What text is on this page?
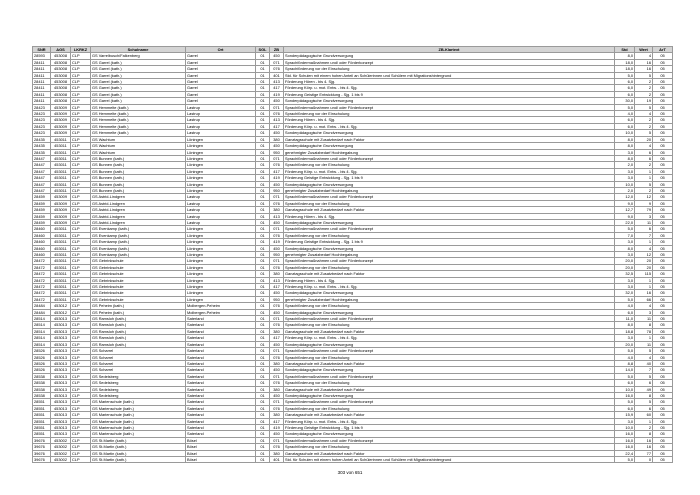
SNR	AGS	LKRKZ	Schulname	Ort	SGL	ZB	ZB-Klartext	Std	Wert	ArT
28593	453008	CLP	GS Varrelbusch/Falkenberg	Garrel	01	450	Sonderpädagogische Grundversorgung	8,0	4	05
28411	453008	CLP	GS Garrel (kath.)	Garrel	01	071	Sprachfördermaßnahmen und/ oder Förderkonzept	18,0	16	05
28411	453008	CLP	GS Garrel (kath.)	Garrel	01	076	Sprachförderung vor der Einschulung	18,0	16	05
28411	453008	CLP	GS Garrel (kath.)	Garrel	01	401	Std. für Schulen mit einem hohen Anteil an Schülerinnen und Schülern mit Migrationshintergrund	5,0	5	05
28411	453008	CLP	GS Garrel (kath.)	Garrel	01	413	Förderung Hören - bis 4. Sjg.	6,0	2	05
28411	453008	CLP	GS Garrel (kath.)	Garrel	01	417	Förderung Körp. u. mot. Entw. - bis 4. Sjg.	6,0	2	05
28411	453008	CLP	GS Garrel (kath.)	Garrel	01	419	Förderung Geistige Entwicklung - Sjg. 1 bis 9	6,0	2	05
28411	453008	CLP	GS Garrel (kath.)	Garrel	01	450	Sonderpädagogische Grundversorgung	30,0	19	05
28423	453009	CLP	GS Hemmelte (kath.)	Lastrup	01	071	Sprachfördermaßnahmen und/ oder Förderkonzept	5,0	5	05
28423	453009	CLP	GS Hemmelte (kath.)	Lastrup	01	076	Sprachförderung vor der Einschulung	4,0	4	05
28423	453009	CLP	GS Hemmelte (kath.)	Lastrup	01	413	Förderung Hören - bis 4. Sjg.	6,0	2	05
28423	453009	CLP	GS Hemmelte (kath.)	Lastrup	01	417	Förderung Körp. u. mot. Entw. - bis 4. Sjg.	6,0	2	05
28423	453009	CLP	GS Hemmelte (kath.)	Lastrup	01	450	Sonderpädagogische Grundversorgung	10,0	5	05
28435	453011	CLP	GS Wachtum	Löningen	01	380	Ganztagsschule mit Zusatzbedarf nach Faktor	8,0	20	05
28435	453011	CLP	GS Wachtum	Löningen	01	450	Sonderpädagogische Grundversorgung	8,0	4	05
28435	453011	CLP	GS Wachtum	Löningen	01	950	genehmigter Zusatzbedarf Hochbegabung	3,0	6	05
28447	453011	CLP	GS Bunnen (kath.)	Löningen	01	071	Sprachfördermaßnahmen und/ oder Förderkonzept	8,0	6	05
28447	453011	CLP	GS Bunnen (kath.)	Löningen	01	076	Sprachförderung vor der Einschulung	2,0	2	05
28447	453011	CLP	GS Bunnen (kath.)	Löningen	01	417	Förderung Körp. u. mot. Entw. - bis 4. Sjg.	3,0	1	05
28447	453011	CLP	GS Bunnen (kath.)	Löningen	01	419	Förderung Geistige Entwicklung - Sjg. 1 bis 9	3,0	1	05
28447	453011	CLP	GS Bunnen (kath.)	Löningen	01	450	Sonderpädagogische Grundversorgung	10,0	5	05
28447	453011	CLP	GS Bunnen (kath.)	Löningen	01	950	genehmigter Zusatzbedarf Hochbegabung	2,0	2	05
28459	453009	CLP	GS Astrid-Lindgren	Lastrup	01	071	Sprachfördermaßnahmen und/ oder Förderkonzept	12,0	12	05
28459	453009	CLP	GS Astrid-Lindgren	Lastrup	01	076	Sprachförderung vor der Einschulung	9,0	9	05
28459	453009	CLP	GS Astrid-Lindgren	Lastrup	01	380	Ganztagsschule mit Zusatzbedarf nach Faktor	12,7	79	05
28459	453009	CLP	GS Astrid-Lindgren	Lastrup	01	413	Förderung Hören - bis 4. Sjg.	9,0	3	05
28459	453009	CLP	GS Astrid-Lindgren	Lastrup	01	450	Sonderpädagogische Grundversorgung	22,0	11	05
28460	453011	CLP	GS Evenkamp (kath.)	Löningen	01	071	Sprachfördermaßnahmen und/ oder Förderkonzept	5,0	6	05
28460	453011	CLP	GS Evenkamp (kath.)	Löningen	01	076	Sprachförderung vor der Einschulung	7,0	7	05
28460	453011	CLP	GS Evenkamp (kath.)	Löningen	01	419	Förderung Geistige Entwicklung - Sjg. 1 bis 9	3,0	1	05
28460	453011	CLP	GS Evenkamp (kath.)	Löningen	01	450	Sonderpädagogische Grundversorgung	8,0	4	05
28460	453011	CLP	GS Evenkamp (kath.)	Löningen	01	950	genehmigter Zusatzbedarf Hochbegabung	3,0	12	05
28472	453011	CLP	GS Gebrinkschule	Löningen	01	071	Sprachfördermaßnahmen und/ oder Förderkonzept	20,0	20	05
28472	453011	CLP	GS Gebrinkschule	Löningen	01	076	Sprachförderung vor der Einschulung	20,0	20	05
28472	453011	CLP	GS Gebrinkschule	Löningen	01	380	Ganztagsschule mit Zusatzbedarf nach Faktor	32,5	115	05
28472	453011	CLP	GS Gebrinkschule	Löningen	01	413	Förderung Hören - bis 4. Sjg.	3,0	1	05
28472	453011	CLP	GS Gebrinkschule	Löningen	01	417	Förderung Körp. u. mot. Entw. - bis 4. Sjg.	3,0	1	05
28472	453011	CLP	GS Gebrinkschule	Löningen	01	450	Sonderpädagogische Grundversorgung	32,0	16	05
28472	453011	CLP	GS Gebrinkschule	Löningen	01	950	genehmigter Zusatzbedarf Hochbegabung	5,0	66	05
28484	453012	CLP	GS Peheim (kath.)	Molbergen-Peheim	01	076	Sprachförderung vor der Einschulung	4,0	4	05
28484	453012	CLP	GS Peheim (kath.)	Molbergen-Peheim	01	450	Sonderpädagogische Grundversorgung	6,0	3	05
28514	453013	CLP	GS Ramsloh (kath.)	Saterland	01	071	Sprachfördermaßnahmen und/ oder Förderkonzept	11,0	11	05
28514	453013	CLP	GS Ramsloh (kath.)	Saterland	01	076	Sprachförderung vor der Einschulung	8,0	8	05
28514	453013	CLP	GS Ramsloh (kath.)	Saterland	01	380	Ganztagsschule mit Zusatzbedarf nach Faktor	18,8	78	05
28514	453013	CLP	GS Ramsloh (kath.)	Saterland	01	417	Förderung Körp. u. mot. Entw. - bis 4. Sjg.	3,0	1	05
28514	453013	CLP	GS Ramsloh (kath.)	Saterland	01	450	Sonderpädagogische Grundversorgung	20,0	11	05
28526	453013	CLP	GS Scharrel	Saterland	01	071	Sprachfördermaßnahmen und/ oder Förderkonzept	5,0	5	05
28526	453013	CLP	GS Scharrel	Saterland	01	076	Sprachförderung vor der Einschulung	4,0	4	05
28526	453013	CLP	GS Scharrel	Saterland	01	380	Ganztagsschule mit Zusatzbedarf nach Faktor	8,8	40	05
28526	453013	CLP	GS Scharrel	Saterland	01	450	Sonderpädagogische Grundversorgung	14,0	7	05
28538	453013	CLP	GS Sedelsberg	Saterland	01	071	Sprachfördermaßnahmen und/ oder Förderkonzept	5,0	5	05
28538	453013	CLP	GS Sedelsberg	Saterland	01	076	Sprachförderung vor der Einschulung	6,0	6	05
28538	453013	CLP	GS Sedelsberg	Saterland	01	380	Ganztagsschule mit Zusatzbedarf nach Faktor	10,0	49	05
28538	453013	CLP	GS Sedelsberg	Saterland	01	450	Sonderpädagogische Grundversorgung	16,0	8	05
28551	453013	CLP	GS Marienschule (kath.)	Saterland	01	071	Sprachfördermaßnahmen und/ oder Förderkonzept	5,0	5	05
28551	453013	CLP	GS Marienschule (kath.)	Saterland	01	076	Sprachförderung vor der Einschulung	6,0	6	05
28551	453013	CLP	GS Marienschule (kath.)	Saterland	01	380	Ganztagsschule mit Zusatzbedarf nach Faktor	15,9	60	05
28551	453013	CLP	GS Marienschule (kath.)	Saterland	01	417	Förderung Körp. u. mot. Entw. - bis 4. Sjg.	3,0	1	05
28551	453013	CLP	GS Marienschule (kath.)	Saterland	01	419	Förderung Geistige Entwicklung - Sjg. 1 bis 9	10,0	2	05
28551	453013	CLP	GS Marienschule (kath.)	Saterland	01	450	Sonderpädagogische Grundversorgung	16,0	8	05
39676	453002	CLP	GS St.Martin (kath.)	Bösel	01	071	Sprachfördermaßnahmen und/ oder Förderkonzept	16,0	16	05
39676	453002	CLP	GS St.Martin (kath.)	Bösel	01	076	Sprachförderung vor der Einschulung	16,0	16	05
39676	453002	CLP	GS St.Martin (kath.)	Bösel	01	380	Ganztagsschule mit Zusatzbedarf nach Faktor	22,4	77	05
39676	453002	CLP	GS St.Martin (kath.)	Bösel	01	401	Std. für Schulen mit einem hohen Anteil an Schülerinnen und Schülern mit Migrationshintergrund	5,0	0	05
303 von 651
